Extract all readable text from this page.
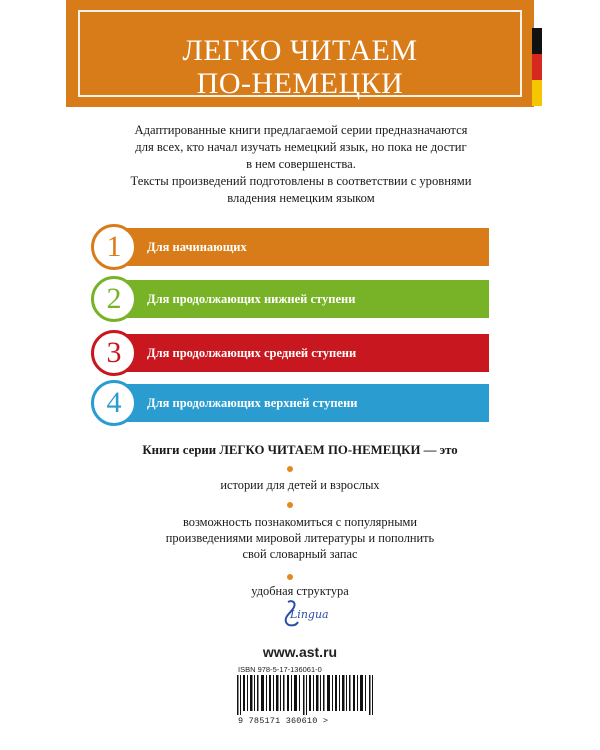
ЛЕГКО ЧИТАЕМ
ПО-НЕМЕЦКИ

Адаптированные книги предлагаемой серии предназначаются

для всех, кто начал изучать немецкий язык, но пока не достиг

в нем совершенства.

Тексты произведений подготовлены в соответствии с уровнями

владения немецким языком

Для начинающих
1
Для продолжающих нижней ступени
2
Для продолжающих средней ступени
3
Для продолжающих верхней ступени
4
Книги серии ЛЕГКО ЧИТАЕМ ПО-НЕМЕЦКИ — это
истории для детей и взрослых
возможность познакомиться с популярными
произведениями мировой литературы и пополнить
свой словарный запас
удобная структура
Lingua
www.ast.ru
ISBN 978-5-17-136061-0
9 785171 360610 >
